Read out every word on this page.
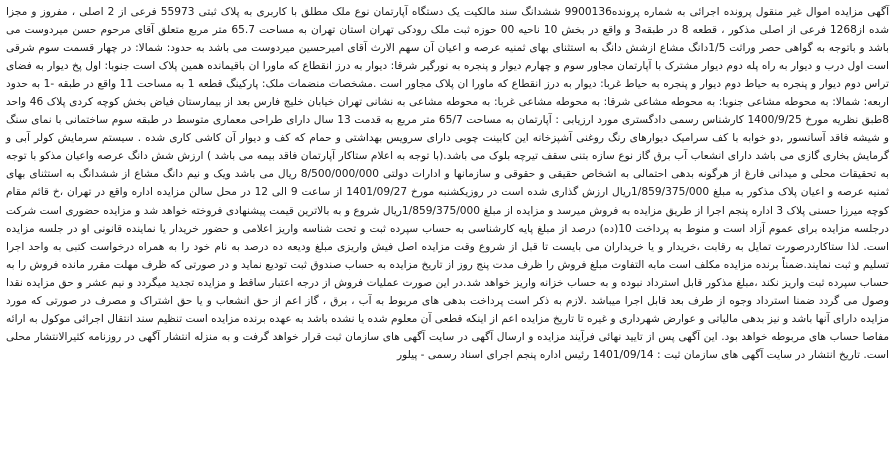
آگهی مزایده اموال غیر منقول پرونده اجرائی به شماره پرونده9900136 ششدانگ سند مالکیت یک دستگاه آپارتمان نوع ملک مطلق با کاربری به پلاک ثبتی 55973 فرعی از 2 اصلی ، مفروز و مجزا شده از1268 فرعی از اصلی مذکور ، قطعه 8 در طبقه3 و واقع در بخش 10 ناحیه 00 حوزه ثبت ملک رودکی تهران استان تهران به مساحت 65.7 متر مربع متعلق آقای مرحوم حسن میردوست می باشد و باتوجه به گواهی حصر وراثت 1/5دانگ مشاع ازشش دانگ به استثنای بهای ثمنیه عرصه و اعیان آن سهم الارث آقای امیرحسین میردوست می باشد به حدود: شمالا: در چهار قسمت سوم شرقی است اول درب و دیوار به راه پله دوم دیوار مشترک با آپارتمان مجاور سوم و چهارم دیوار و پنجره به نورگیر شرقا: دیوار به درز انقطاع که ماورا ان باقیمانده همین پلاک است جنوبا: اول پخ دیوار به فضای تراس دوم دیوار و پنجره به حیاط دوم دیوار و پنجره به حیاط غربا: دیوار به درز انقطاع که ماورا ان پلاک مجاور است .مشخصات منضمات ملک: پارکینگ قطعه 1 به مساحت 11 واقع در طبقه -1 به حدود اربعه: شمالا: به محوطه مشاعی جنوبا: به محوطه مشاعی شرقا: به محوطه مشاعی غربا: به محوطه مشاعی به نشانی تهران خیابان خلیج فارس بعد از بیمارستان فیاض بخش کوچه کردی پلاک 46 واحد 8طبق نظریه مورخ 1400/9/25 کارشناس رسمی دادگستری مورد ارزیابی : آپارتمان به مساحت 65/7 متر مربع به قدمت 13 سال دارای طراحی معماری متوسط در طبقه سوم ساختمانی با نمای سنگ و شیشه فاقد آسانسور ,دو خوابه با کف سرامیک دیوارهای رنگ روغنی آشپزخانه این کابینت چوبی دارای سرویس بهداشتی و حمام که کف و دیوار آن کاشی کاری شده . سیستم سرمایش کولر آبی و گرمایش بخاری گازی می باشد دارای انشعاب آب برق گاز نوع سازه بتنی سقف تیرچه بلوک می باشد.(با توجه به اعلام ستاکار آپارتمان فاقد بیمه می باشد ) ارزش شش دانگ عرصه واعیان مذکو با توجه به تحقیقات محلی و میدانی فارغ از هرگونه بدهی احتمالی به اشخاص حقیقی و حقوقی و سازمانها و ادارات دولتی 8/500/000/000 ریال می باشد ویک و نیم دانگ مشاع از ششدانگ به استثنای بهای ثمنیه عرصه و اعیان پلاک مذکور به مبلغ 1/859/375/000ریال ارزش گذاری شده است در روزیکشنبه مورخ 1401/09/27 از ساعت 9 الی 12 در محل سالن مزایده اداره واقع در تهران ،خ قائم مقام کوچه میرزا حسنی پلاک 3 اداره پنجم اجرا از طریق مزایده به فروش میرسد و مزایده از مبلغ 1/859/375/000ریال شروع و به بالاترین قیمت پیشنهادی فروخته خواهد شد و مزایده حضوری است شرکت درجلسه مزایده برای عموم آزاد است و منوط به پرداخت 10(ده) درصد از مبلغ پایه کارشناسی به حساب سپرده ثبت و تحت شناسه واریز اعلامی و حضور خریدار یا نماینده قانونی او در جلسه مزایده است. لذا ستاکاردرصورت تمایل به رقابت ،خریدار و یا خریداران می بایست تا قبل از شروع وقت مزایده اصل فیش واریزی مبلغ ودیعه ده درصد به نام خود را به همراه درخواست کتبی به واحد اجرا تسلیم و ثبت نمایند.ضمناً برنده مزایده مکلف است مابه التفاوت مبلغ فروش را ظرف مدت پنج روز از تاریخ مزایده به حساب صندوق ثبت تودیع نماید و در صورتی که ظرف مهلت مقرر مانده فروش را به حساب سپرده ثبت واریز نکند ،مبلغ مذکور قابل استرداد نبوده و به حساب خزانه واریز خواهد شد.در این صورت عملیات فروش از درجه اعتبار ساقط و مزایده تجدید میگردد و نیم عشر و حق مزایده نقدا وصول می گردد ضمنا استرداد وجوه از طرف بعد قابل اجرا میباشد .لازم به ذکر است پرداخت بدهی های مربوط به آب ، برق ، گاز اعم از حق انشعاب و یا حق اشتراک و مصرف در صورتی که مورد مزایده دارای آنها باشد و نیز بدهی مالیاتی و عوارض شهرداری و غیره تا تاریخ مزایده اعم از اینکه قطعی آن معلوم شده یا نشده باشد به عهده برنده مزایده است تنظیم سند انتقال اجرائی موکول به ارائه مفاصا حساب های مربوطه خواهد بود. این آگهی پس از تایید نهائی فرآیند مزایده و ارسال آگهی در سایت آگهی های سازمان ثبت قرار خواهد گرفت و به منزله انتشار آگهی در روزنامه کثیرالانتشار محلی است. تاریخ انتشار در سایت آگهی های سازمان ثبت : 1401/09/14 رئیس اداره پنجم اجرای اسناد رسمی - پیلور
